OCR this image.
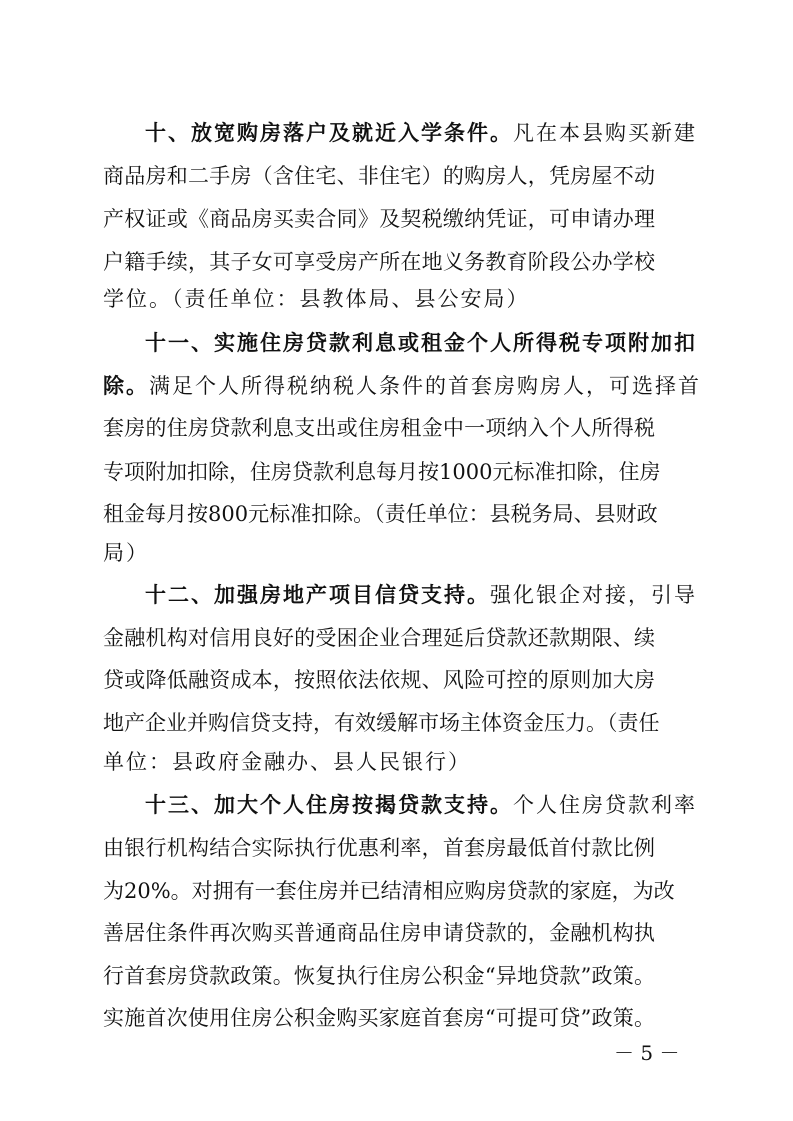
十、放宽购房落户及就近入学条件。凡在本县购买新建
商品房和二手房（含住宅、非住宅）的购房人，凭房屋不动
产权证或《商品房买卖合同》及契税缴纳凭证，可申请办理
户籍手续，其子女可享受房产所在地义务教育阶段公办学校
学位。（责任单位：县教体局、县公安局）
十一、实施住房贷款利息或租金个人所得税专项附加扣
除。满足个人所得税纳税人条件的首套房购房人，可选择首
套房的住房贷款利息支出或住房租金中一项纳入个人所得税
专项附加扣除，住房贷款利息每月按1000元标准扣除，住房
租金每月按800元标准扣除。（责任单位：县税务局、县财政
局）
十二、加强房地产项目信贷支持。强化银企对接，引导
金融机构对信用良好的受困企业合理延后贷款还款期限、续
贷或降低融资成本，按照依法依规、风险可控的原则加大房
地产企业并购信贷支持，有效缓解市场主体资金压力。（责任
单位：县政府金融办、县人民银行）
十三、加大个人住房按揭贷款支持。个人住房贷款利率
由银行机构结合实际执行优惠利率，首套房最低首付款比例
为20%。对拥有一套住房并已结清相应购房贷款的家庭，为改
善居住条件再次购买普通商品住房申请贷款的，金融机构执
行首套房贷款政策。恢复执行住房公积金“异地贷款”政策。
实施首次使用住房公积金购买家庭首套房“可提可贷”政策。
－ 5 －
